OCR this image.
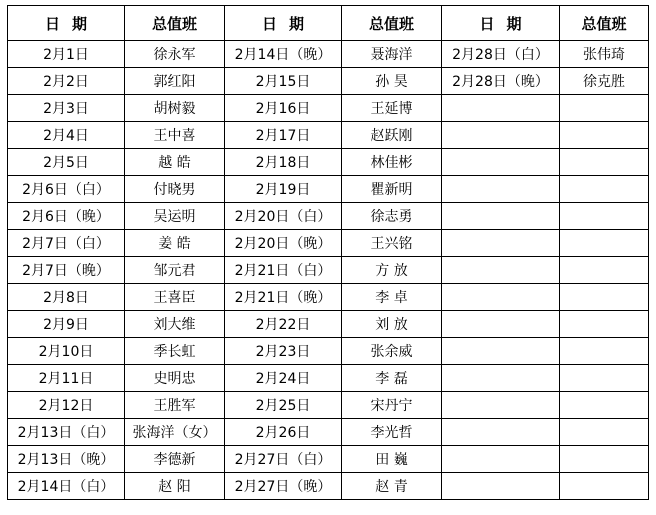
日期	总值班	日期	总值班	日期	总值班
2月1日	徐永军	2月14日（晚）	聂海洋	2月28日（白）	张伟琦
2月2日	郭红阳	2月15日	孙 昊	2月28日（晚）	徐克胜
2月3日	胡树毅	2月16日	王延博		
2月4日	王中喜	2月17日	赵跃刚		
2月5日	越 皓	2月18日	林佳彬		
2月6日（白）	付晓男	2月19日	瞿新明		
2月6日（晚）	吴运明	2月20日（白）	徐志勇		
2月7日（白）	姜 皓	2月20日（晚）	王兴铭		
2月7日（晚）	邹元君	2月21日（白）	方 放		
2月8日	王喜臣	2月21日（晚）	李 卓		
2月9日	刘大维	2月22日	刘 放		
2月10日	季长虹	2月23日	张余威		
2月11日	史明忠	2月24日	李 磊		
2月12日	王胜军	2月25日	宋丹宁		
2月13日（白）	张海洋（女）	2月26日	李光哲		
2月13日（晚）	李德新	2月27日（白）	田 巍		
2月14日（白）	赵 阳	2月27日（晚）	赵 青		
